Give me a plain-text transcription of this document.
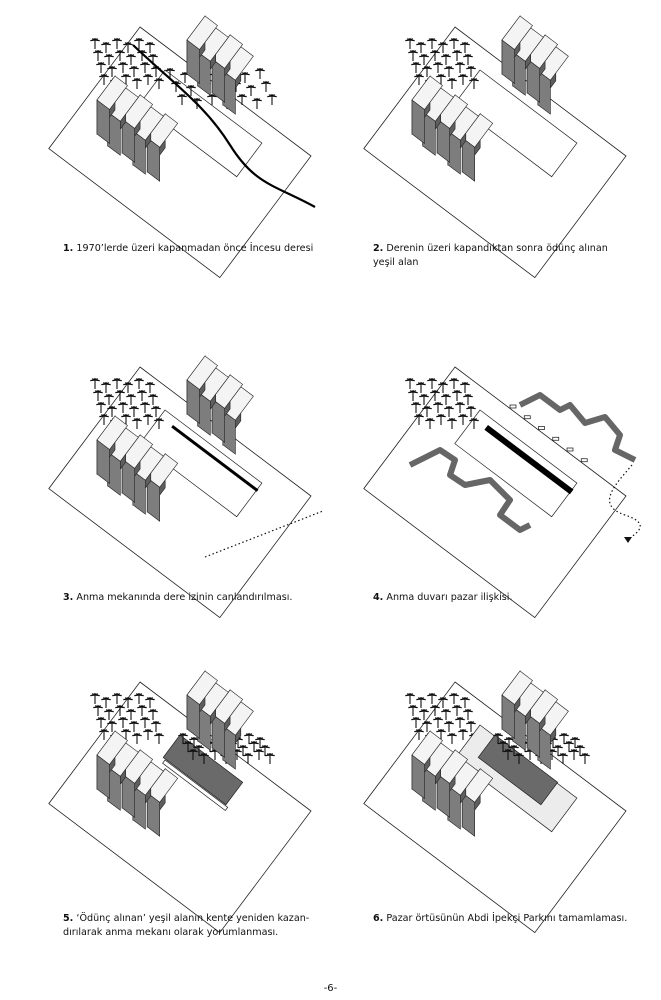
1. 1970’lerde üzeri kapanmadan önce İncesu deresi	2. Derenin üzeri kapandıktan sonra ödünç alınan
yeşil alan
3. Anma mekanında dere izinin canlandırılması.	4. Anma duvarı pazar ilişkisi.
5. ‘Ödünç alınan’ yeşil alanın kente yeniden kazan-
dırılarak anma mekanı olarak yorumlanması.
6. Pazar örtüsünün Abdi İpekçi Parkını tamamlaması.
-6-
